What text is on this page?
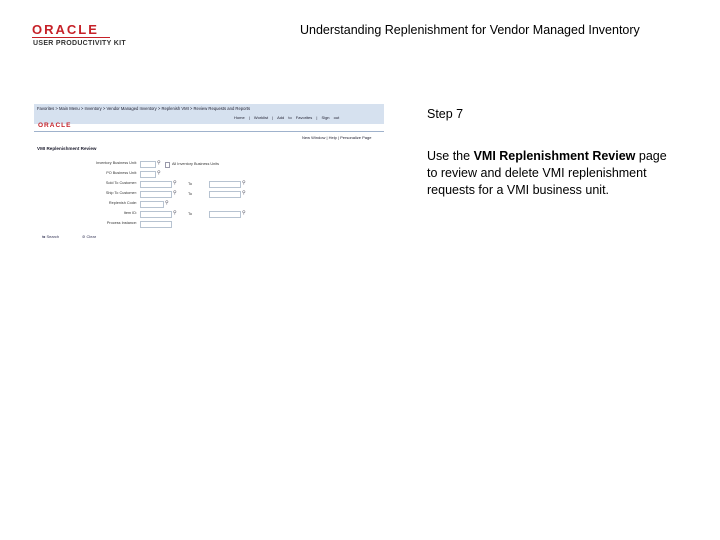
ORACLE
USER PRODUCTIVITY KIT
Understanding Replenishment for Vendor Managed Inventory
Favorites > Main Menu > Inventory > Vendor Managed Inventory > Replenish VMI > Review Requests and Reports
Home | Worklist | Add to Favorites | Sign out
ORACLE
New Window | Help | Personalize Page
VMI Replenishment Review
Inventory Business Unit:	⚲	All Inventory Business Units
PO Business Unit:	⚲
Sold To Customer:	⚲	To	⚲
Ship To Customer:	⚲	To	⚲
Replenish Code:	⚲
Item ID:	⚲	To	⚲
Process Instance:
⇆ Search	⊘ Clear
Step 7
Use the VMI Replenishment Review page to review and delete VMI replenishment requests for a VMI business unit.
